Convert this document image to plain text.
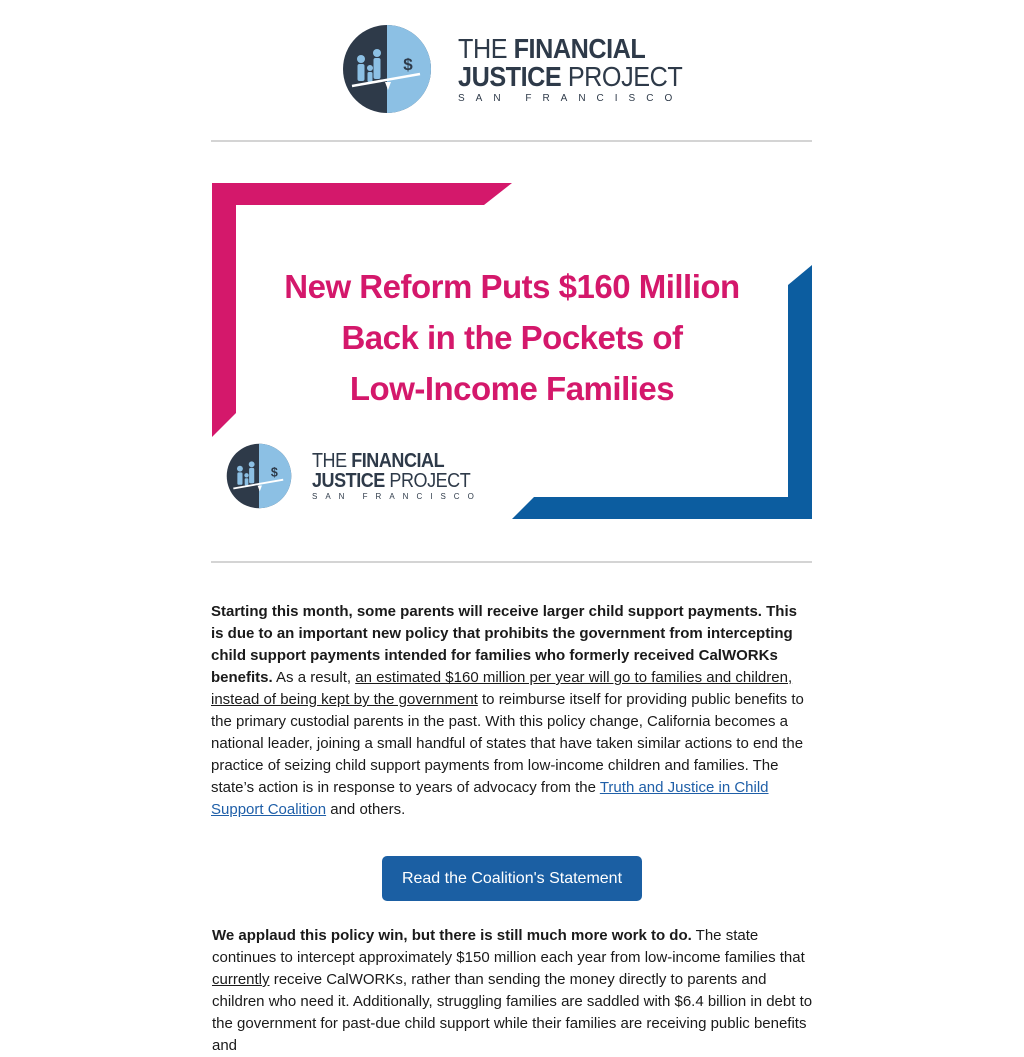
$
THE FINANCIAL
JUSTICE PROJECT
SAN FRANCISCO
New Reform Puts $160 Million
Back in the Pockets of
Low-Income Families
$
THE FINANCIAL
JUSTICE PROJECT
SAN FRANCISCO
Starting this month, some parents will receive larger child support payments. This is due to an important new policy that prohibits the government from intercepting child support payments intended for families who formerly received CalWORKs benefits. As a result, an estimated $160 million per year will go to families and children, instead of being kept by the government to reimburse itself for providing public benefits to the primary custodial parents in the past. With this policy change, California becomes a national leader, joining a small handful of states that have taken similar actions to end the practice of seizing child support payments from low-income children and families. The state’s action is in response to years of advocacy from the Truth and Justice in Child Support Coalition and others.
Read the Coalition's Statement
We applaud this policy win, but there is still much more work to do. The state continues to intercept approximately $150 million each year from low-income families that currently receive CalWORKs, rather than sending the money directly to parents and children who need it. Additionally, struggling families are saddled with $6.4 billion in debt to the government for past-due child support while their families are receiving public benefits and
